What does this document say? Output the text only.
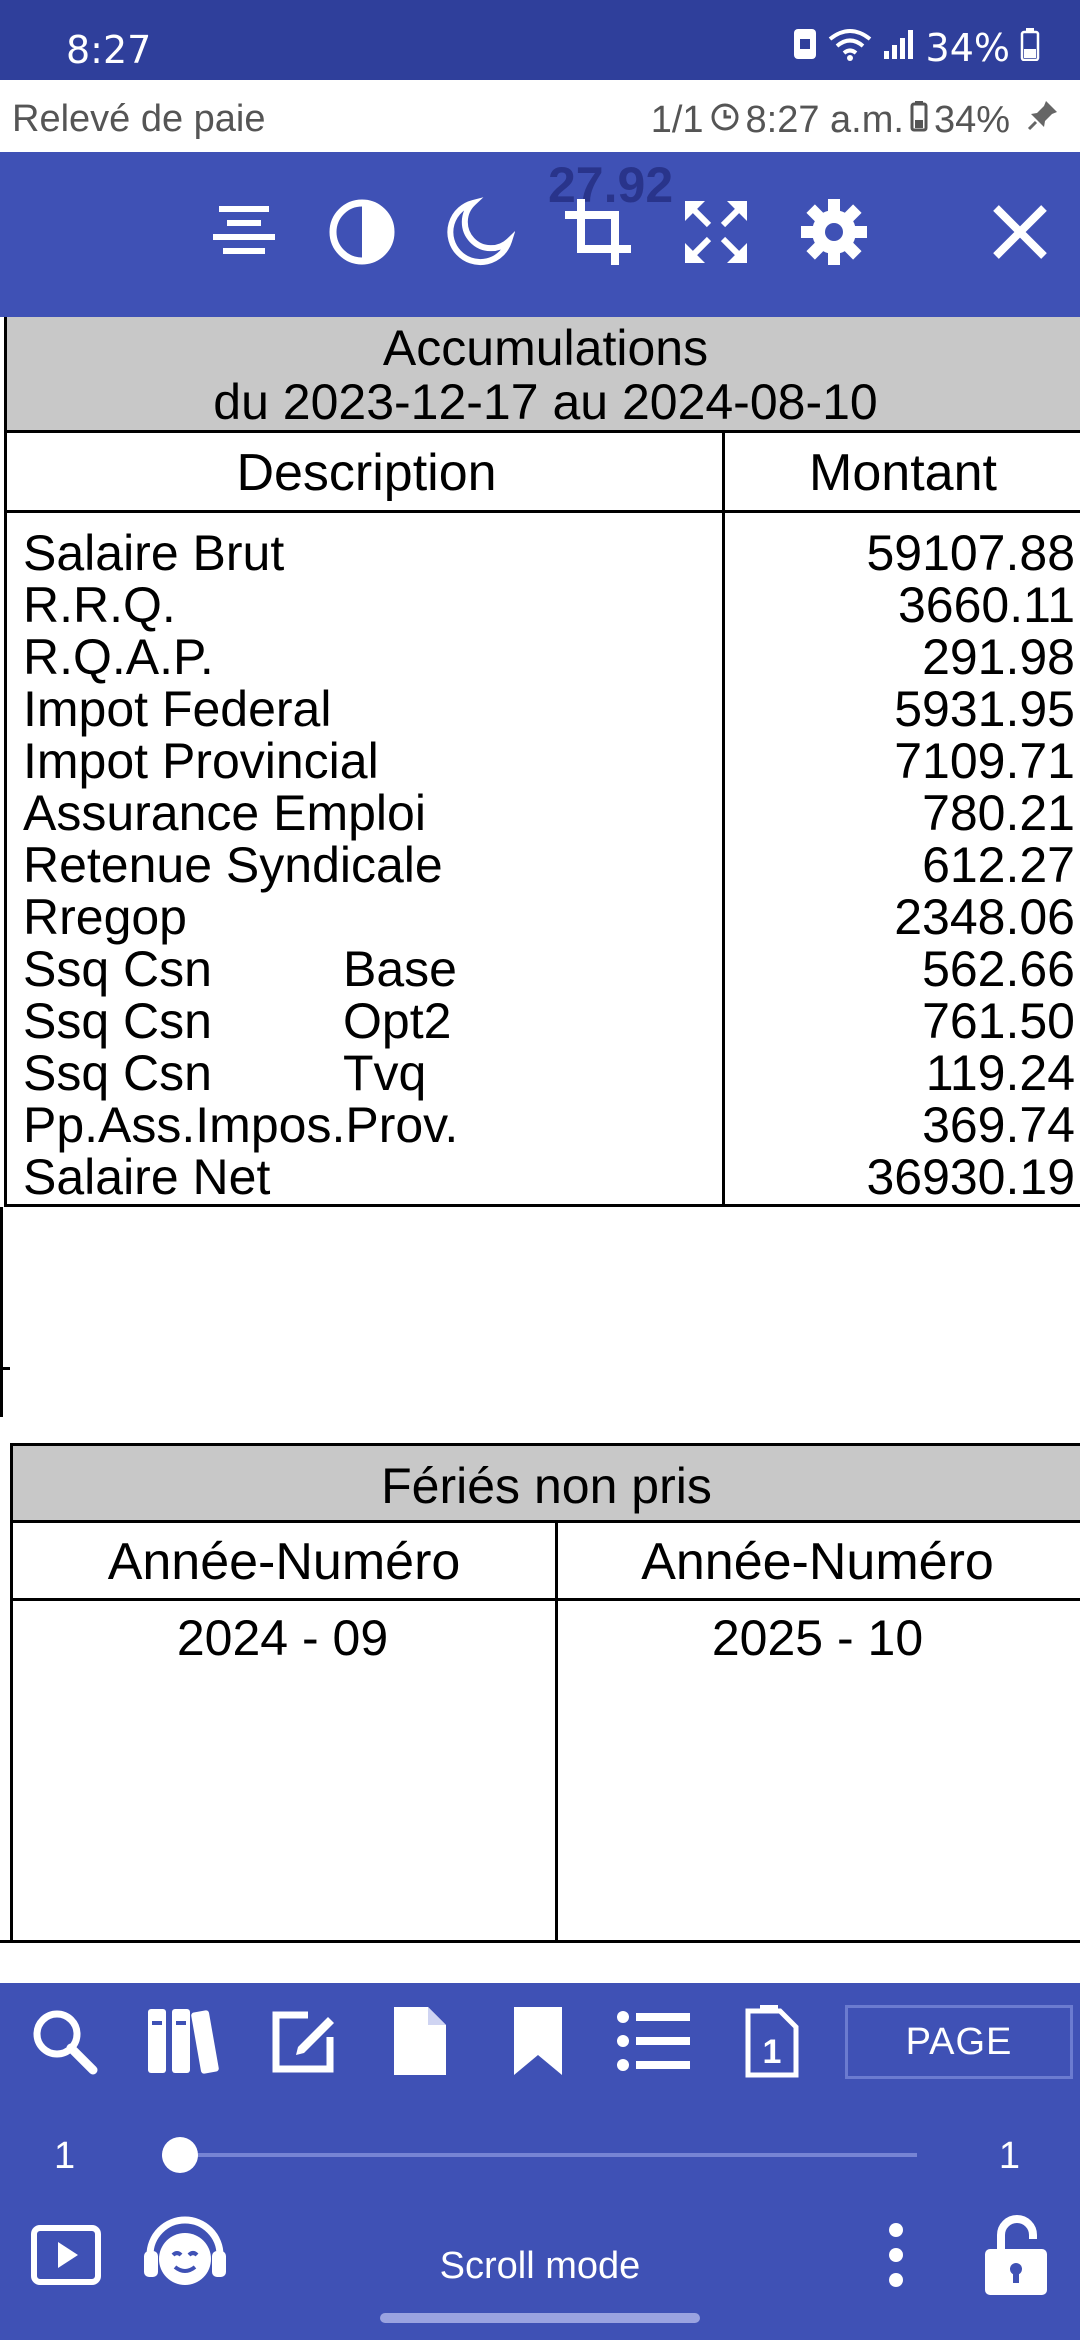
8:27	34%
Relevé de paie	1/1 8:27 a.m. 34%
27.92
Accumulations
du 2023-12-17 au 2024-08-10
Description	Montant
Salaire Brut	59107.88
R.R.Q.	3660.11
R.Q.A.P.	291.98
Impot Federal	5931.95
Impot Provincial	7109.71
Assurance Emploi	780.21
Retenue Syndicale	612.27
Rregop	2348.06
Ssq Csn	Base	562.66
Ssq Csn	Opt2	761.50
Ssq Csn	Tvq	119.24
Pp.Ass.Impos.Prov.	369.74
Salaire Net	36930.19
Fériés non pris
Année-Numéro	Année-Numéro
2024 - 09	2025 - 10
1	PAGE
1	1
Scroll mode
